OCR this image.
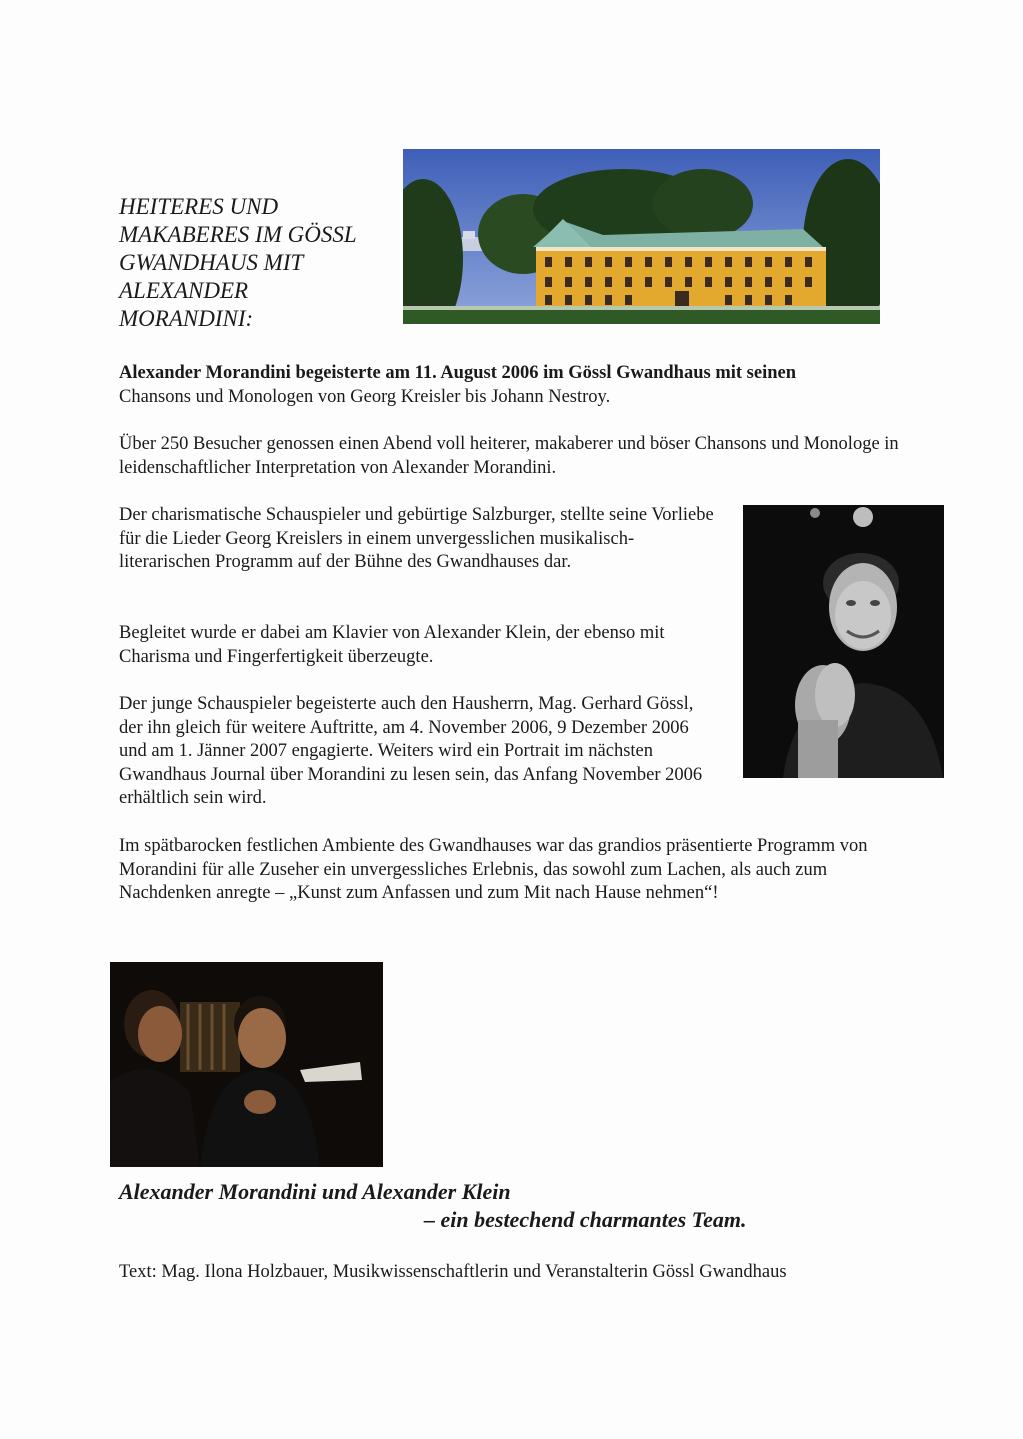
HEITERES UND
MAKABERES IM GÖSSL
GWANDHAUS MIT
ALEXANDER
MORANDINI:

Alexander Morandini begeisterte am 11. August 2006 im Gössl Gwandhaus mit seinen
Chansons und Monologen von Georg Kreisler bis Johann Nestroy.

Über 250 Besucher genossen einen Abend voll heiterer, makaberer und böser Chansons und Monologe in leidenschaftlicher Interpretation von Alexander Morandini.

Der charismatische Schauspieler und gebürtige Salzburger, stellte seine Vorliebe für die Lieder Georg Kreislers in einem unvergesslichen musikalisch-literarischen Programm auf der Bühne des Gwandhauses dar.

Begleitet wurde er dabei am Klavier von Alexander Klein, der ebenso mit Charisma und Fingerfertigkeit überzeugte.

Der junge Schauspieler begeisterte auch den Hausherrn, Mag. Gerhard Gössl, der ihn gleich für weitere Auftritte, am 4. November 2006, 9 Dezember 2006 und am 1. Jänner 2007 engagierte. Weiters wird ein Portrait im nächsten Gwandhaus Journal über Morandini zu lesen sein, das Anfang November 2006 erhältlich sein wird.

Im spätbarocken festlichen Ambiente des Gwandhauses war das grandios präsentierte Programm von Morandini für alle Zuseher ein unvergessliches Erlebnis, das sowohl zum Lachen, als auch zum Nachdenken anregte – „Kunst zum Anfassen und zum Mit nach Hause nehmen“!

Alexander Morandini und Alexander Klein

– ein bestechend charmantes Team.

Text: Mag. Ilona Holzbauer, Musikwissenschaftlerin und Veranstalterin Gössl Gwandhaus
